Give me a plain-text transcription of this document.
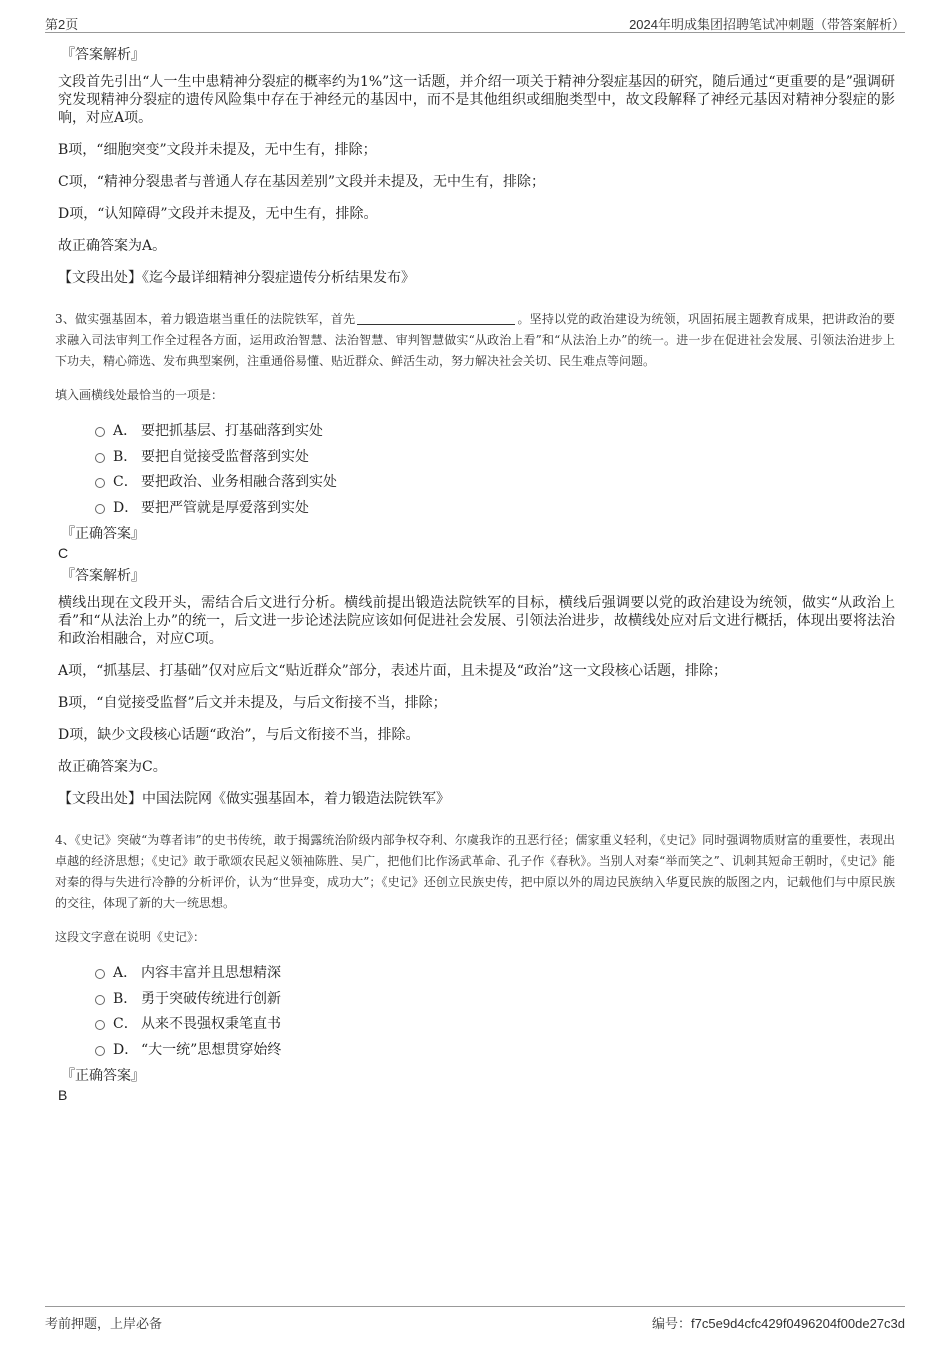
第2页	2024年明成集团招聘笔试冲刺题（带答案解析）
『答案解析』
文段首先引出“人一生中患精神分裂症的概率约为1%”这一话题，并介绍一项关于精神分裂症基因的研究，随后通过“更重要的是”强调研究发现精神分裂症的遗传风险集中存在于神经元的基因中，而不是其他组织或细胞类型中，故文段解释了神经元基因对精神分裂症的影响，对应A项。
B项，“细胞突变”文段并未提及，无中生有，排除；
C项，“精神分裂患者与普通人存在基因差别”文段并未提及，无中生有，排除；
D项，“认知障碍”文段并未提及，无中生有，排除。
故正确答案为A。
【文段出处】《迄今最详细精神分裂症遗传分析结果发布》
3、做实强基固本，着力锻造堪当重任的法院铁军，首先	。坚持以党的政治建设为统领，巩固拓展主题教育成果，把讲政治的要求融入司法审判工作全过程各方面，运用政治智慧、法治智慧、审判智慧做实“从政治上看”和“从法治上办”的统一。进一步在促进社会发展、引领法治进步上下功夫，精心筛选、发布典型案例，注重通俗易懂、贴近群众、鲜活生动，努力解决社会关切、民生难点等问题。
填入画横线处最恰当的一项是：
A． 要把抓基层、打基础落到实处
B． 要把自觉接受监督落到实处
C． 要把政治、业务相融合落到实处
D． 要把严管就是厚爱落到实处
『正确答案』
C
『答案解析』
横线出现在文段开头，需结合后文进行分析。横线前提出锻造法院铁军的目标，横线后强调要以党的政治建设为统领，做实“从政治上看”和“从法治上办”的统一，后文进一步论述法院应该如何促进社会发展、引领法治进步，故横线处应对后文进行概括，体现出要将法治和政治相融合，对应C项。
A项，“抓基层、打基础”仅对应后文“贴近群众”部分，表述片面，且未提及“政治”这一文段核心话题，排除；
B项，“自觉接受监督”后文并未提及，与后文衔接不当，排除；
D项，缺少文段核心话题“政治”，与后文衔接不当，排除。
故正确答案为C。
【文段出处】中国法院网《做实强基固本，着力锻造法院铁军》
4、《史记》突破“为尊者讳”的史书传统，敢于揭露统治阶级内部争权夺利、尔虞我诈的丑恶行径；儒家重义轻利，《史记》同时强调物质财富的重要性，表现出卓越的经济思想；《史记》敢于歌颂农民起义领袖陈胜、吴广，把他们比作汤武革命、孔子作《春秋》。当别人对秦“举而笑之”、讥刺其短命王朝时，《史记》能对秦的得与失进行冷静的分析评价，认为“世异变，成功大”；《史记》还创立民族史传，把中原以外的周边民族纳入华夏民族的版图之内，记载他们与中原民族的交往，体现了新的大一统思想。
这段文字意在说明《史记》：
A． 内容丰富并且思想精深
B． 勇于突破传统进行创新
C． 从来不畏强权秉笔直书
D． “大一统”思想贯穿始终
『正确答案』
B
考前押题，上岸必备	编号：f7c5e9d4cfc429f0496204f00de27c3d
